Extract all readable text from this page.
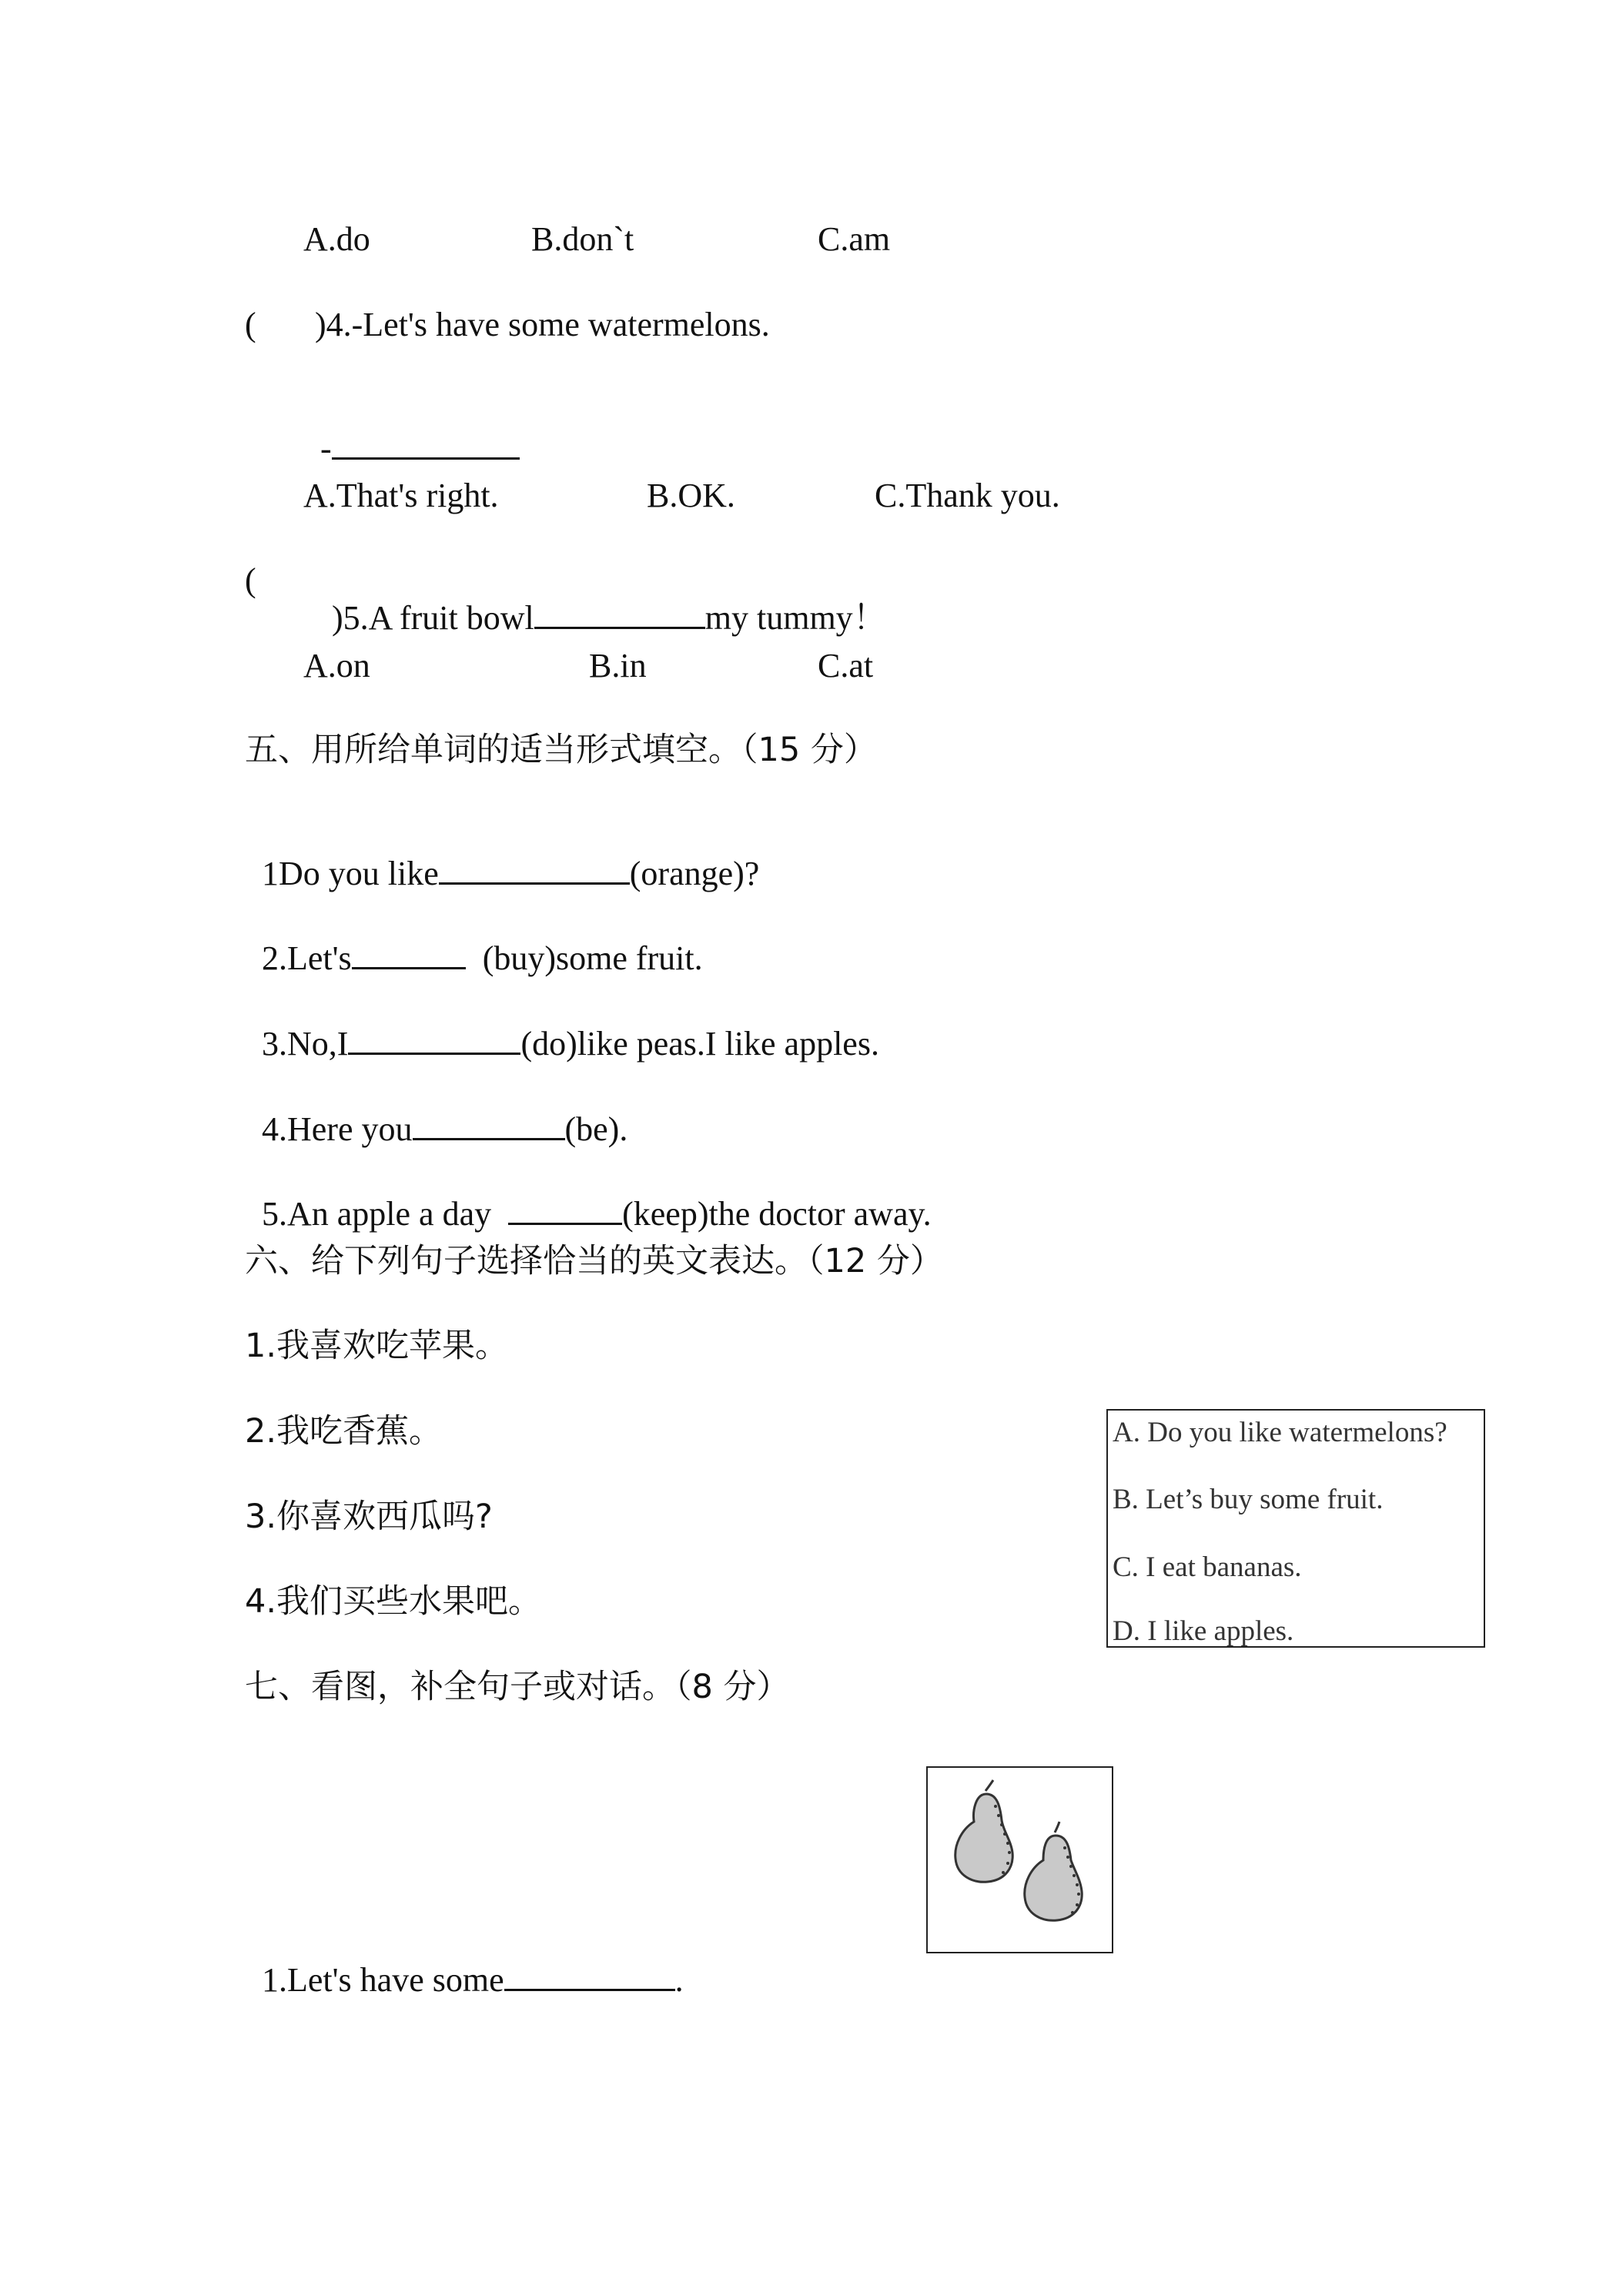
A.do	B.don`t	C.am
( )4.-Let's have some watermelons.

-

A.That's right.	B.OK.	C.Thank you.
(

)5.A fruit bowl	my tummy！

A.on	B.in	C.at
五、用所给单词的适当形式填空。（15 分）

1Do you like	(orange)?

2.Let's	(buy)some fruit.

3.No,I	(do)like peas.I like apples.

4.Here you	(be).

5.An apple a day	(keep)the doctor away.

六、给下列句子选择恰当的英文表达。（12 分）
1.我喜欢吃苹果。
2.我吃香蕉。
3.你喜欢西瓜吗?
4.我们买些水果吧。
A. Do you like watermelons?
B. Let’s buy some fruit.
C. I eat bananas.
D. I like apples.
七、看图，补全句子或对话。（8 分）

1.Let's have some	.
